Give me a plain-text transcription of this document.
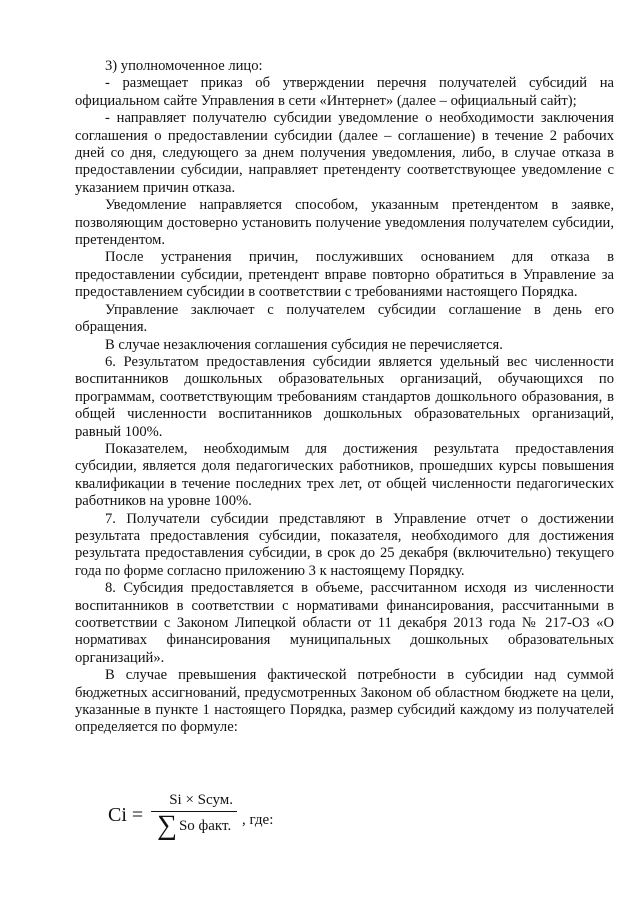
3) уполномоченное лицо:

- размещает приказ об утверждении перечня получателей субсидий на официальном сайте Управления в сети «Интернет» (далее – официальный сайт);

- направляет получателю субсидии уведомление о необходимости заключения соглашения о предоставлении субсидии (далее – соглашение) в течение 2 рабочих дней со дня, следующего за днем получения уведомления, либо, в случае отказа в предоставлении субсидии, направляет претенденту соответствующее уведомление с указанием причин отказа.

Уведомление направляется способом, указанным претендентом в заявке, позволяющим достоверно установить получение уведомления получателем субсидии, претендентом.

После устранения причин, послуживших основанием для отказа в предоставлении субсидии, претендент вправе повторно обратиться в Управление за предоставлением субсидии в соответствии с требованиями настоящего Порядка.

Управление заключает с получателем субсидии соглашение в день его обращения.

В случае незаключения соглашения субсидия не перечисляется.

6. Результатом предоставления субсидии является удельный вес численности воспитанников дошкольных образовательных организаций, обучающихся по программам, соответствующим требованиям стандартов дошкольного образования, в общей численности воспитанников дошкольных образовательных организаций, равный 100%.

Показателем, необходимым для достижения результата предоставления субсидии, является доля педагогических работников, прошедших курсы повышения квалификации в течение последних трех лет, от общей численности педагогических работников на уровне 100%.

7. Получатели субсидии представляют в Управление отчет о достижении результата предоставления субсидии, показателя, необходимого для достижения результата предоставления субсидии, в срок до 25 декабря (включительно) текущего года по форме согласно приложению 3 к настоящему Порядку.

8. Субсидия предоставляется в объеме, рассчитанном исходя из численности воспитанников в соответствии с нормативами финансирования, рассчитанными в соответствии с Законом Липецкой области от 11 декабря 2013 года № 217-ОЗ «О нормативах финансирования муниципальных дошкольных образовательных организаций».

В случае превышения фактической потребности в субсидии над суммой бюджетных ассигнований, предусмотренных Законом об областном бюджете на цели, указанные в пункте 1 настоящего Порядка, размер субсидий каждому из получателей определяется по формуле:

$Ci = \frac{\text{Si × Sсум.}}{\text{∑ So факт.}}$ , где:
